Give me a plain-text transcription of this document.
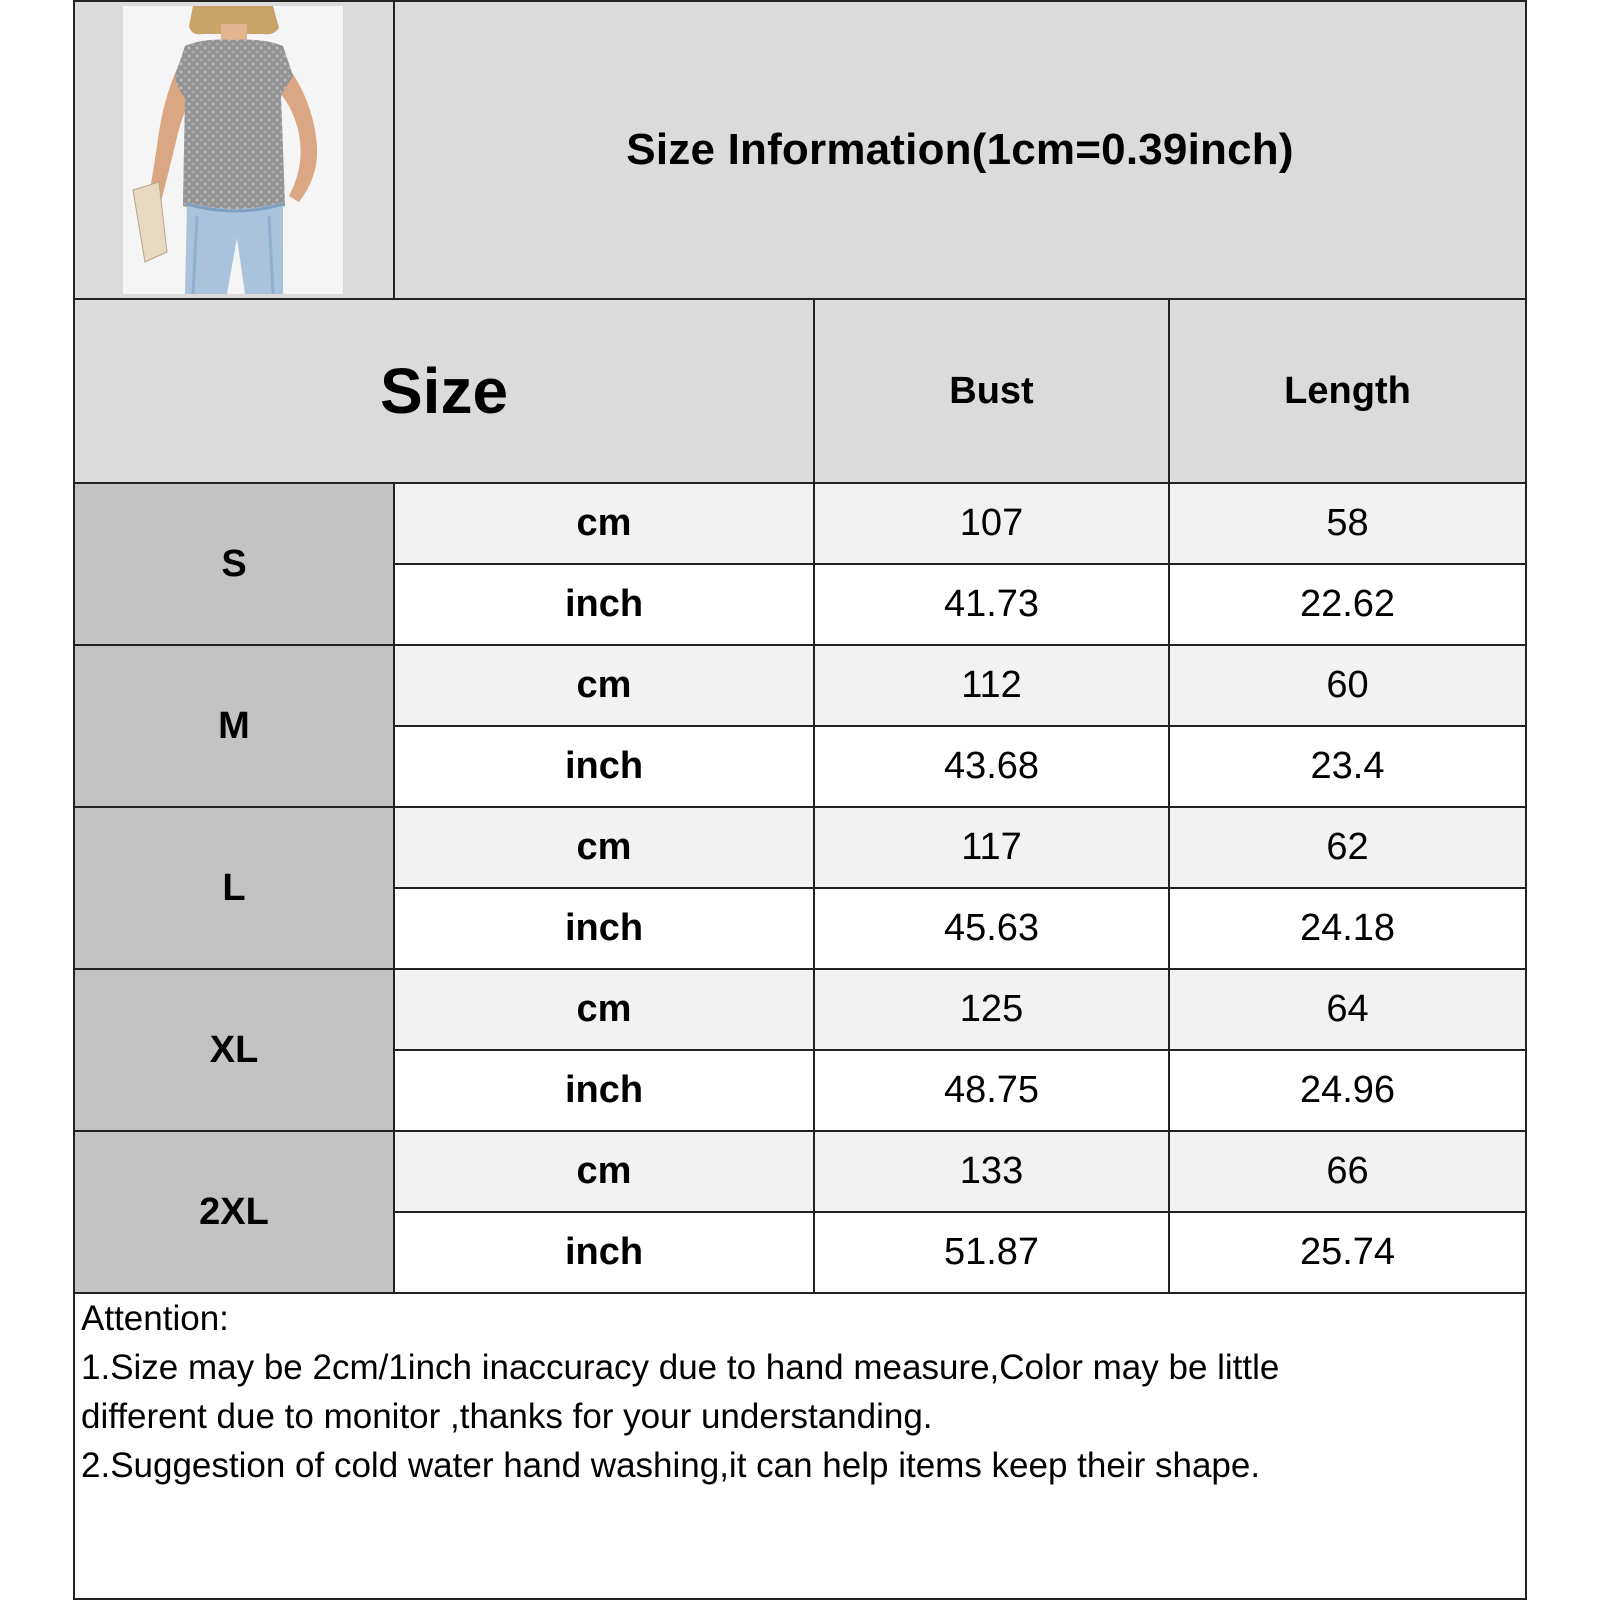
Size Information(1cm=0.39inch)
Size	Bust	Length
S
cm	107	58
inch	41.73	22.62
M
cm	112	60
inch	43.68	23.4
L
cm	117	62
inch	45.63	24.18
XL
cm	125	64
inch	48.75	24.96
2XL
cm	133	66
inch	51.87	25.74
Attention:
1.Size may be 2cm/1inch inaccuracy due to hand measure,Color may be little
different due to monitor ,thanks for your understanding.
2.Suggestion of cold water hand washing,it can help items keep their shape.
